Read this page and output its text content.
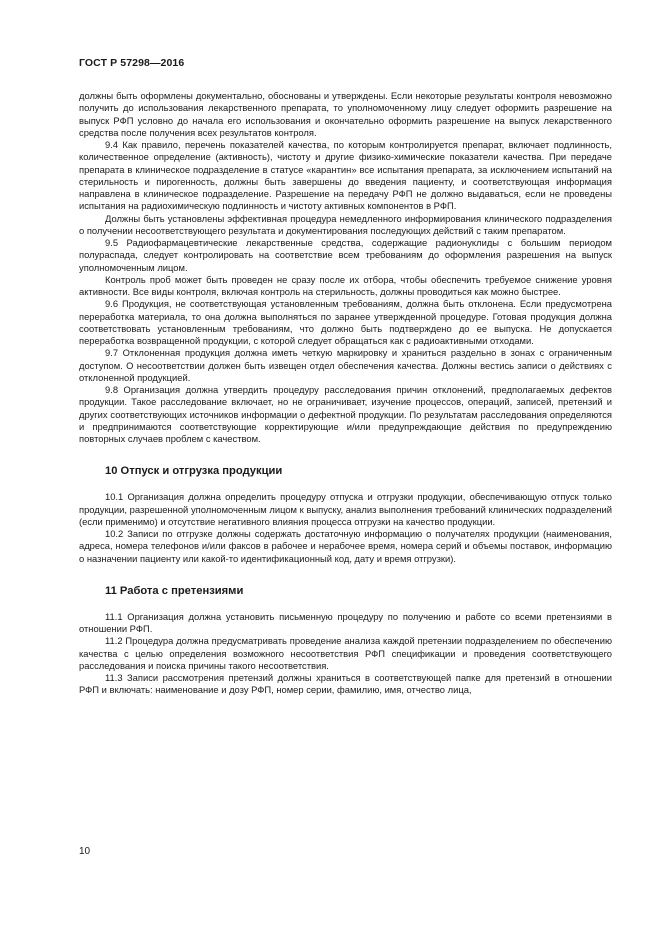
ГОСТ Р 57298—2016

должны быть оформлены документально, обоснованы и утверждены. Если некоторые результаты контроля невозможно получить до использования лекарственного препарата, то уполномоченному лицу следует оформить разрешение на выпуск РФП условно до начала его использования и окончательно оформить разрешение на выпуск лекарственного средства после получения всех результатов контроля.

9.4 Как правило, перечень показателей качества, по которым контролируется препарат, включает подлинность, количественное определение (активность), чистоту и другие физико-химические показатели качества. При передаче препарата в клиническое подразделение в статусе «карантин» все испытания препарата, за исключением испытаний на стерильность и пирогенность, должны быть завершены до введения пациенту, и соответствующая информация направлена в клиническое подразделение. Разрешение на передачу РФП не должно выдаваться, если не проведены испытания на радиохимическую подлинность и чистоту активных компонентов в РФП.

Должны быть установлены эффективная процедура немедленного информирования клинического подразделения о получении несоответствующего результата и документирования последующих действий с таким препаратом.

9.5 Радиофармацевтические лекарственные средства, содержащие радионуклиды с большим периодом полураспада, следует контролировать на соответствие всем требованиям до оформления разрешения на выпуск уполномоченным лицом.

Контроль проб может быть проведен не сразу после их отбора, чтобы обеспечить требуемое снижение уровня активности. Все виды контроля, включая контроль на стерильность, должны проводиться как можно быстрее.

9.6 Продукция, не соответствующая установленным требованиям, должна быть отклонена. Если предусмотрена переработка материала, то она должна выполняться по заранее утвержденной процедуре. Готовая продукция должна соответствовать установленным требованиям, что должно быть подтверждено до ее выпуска. Не допускается переработка возвращенной продукции, с которой следует обращаться как с радиоактивными отходами.

9.7 Отклоненная продукция должна иметь четкую маркировку и храниться раздельно в зонах с ограниченным доступом. О несоответствии должен быть извещен отдел обеспечения качества. Должны вестись записи о действиях с отклоненной продукцией.

9.8 Организация должна утвердить процедуру расследования причин отклонений, предполагаемых дефектов продукции. Такое расследование включает, но не ограничивает, изучение процессов, операций, записей, претензий и других соответствующих источников информации о дефектной продукции. По результатам расследования определяются и предпринимаются соответствующие корректирующие и/или предупреждающие действия по предупреждению повторных случаев проблем с качеством.

10 Отпуск и отгрузка продукции

10.1 Организация должна определить процедуру отпуска и отгрузки продукции, обеспечивающую отпуск только продукции, разрешенной уполномоченным лицом к выпуску, анализ выполнения требований клинических подразделений (если применимо) и отсутствие негативного влияния процесса отгрузки на качество продукции.

10.2 Записи по отгрузке должны содержать достаточную информацию о получателях продукции (наименования, адреса, номера телефонов и/или факсов в рабочее и нерабочее время, номера серий и объемы поставок, информацию о назначении пациенту или какой-то идентификационный код, дату и время отгрузки).

11 Работа с претензиями

11.1 Организация должна установить письменную процедуру по получению и работе со всеми претензиями в отношении РФП.

11.2 Процедура должна предусматривать проведение анализа каждой претензии подразделением по обеспечению качества с целью определения возможного несоответствия РФП спецификации и проведения соответствующего расследования и поиска причины такого несоответствия.

11.3 Записи рассмотрения претензий должны храниться в соответствующей папке для претензий в отношении РФП и включать: наименование и дозу РФП, номер серии, фамилию, имя, отчество лица,

10
